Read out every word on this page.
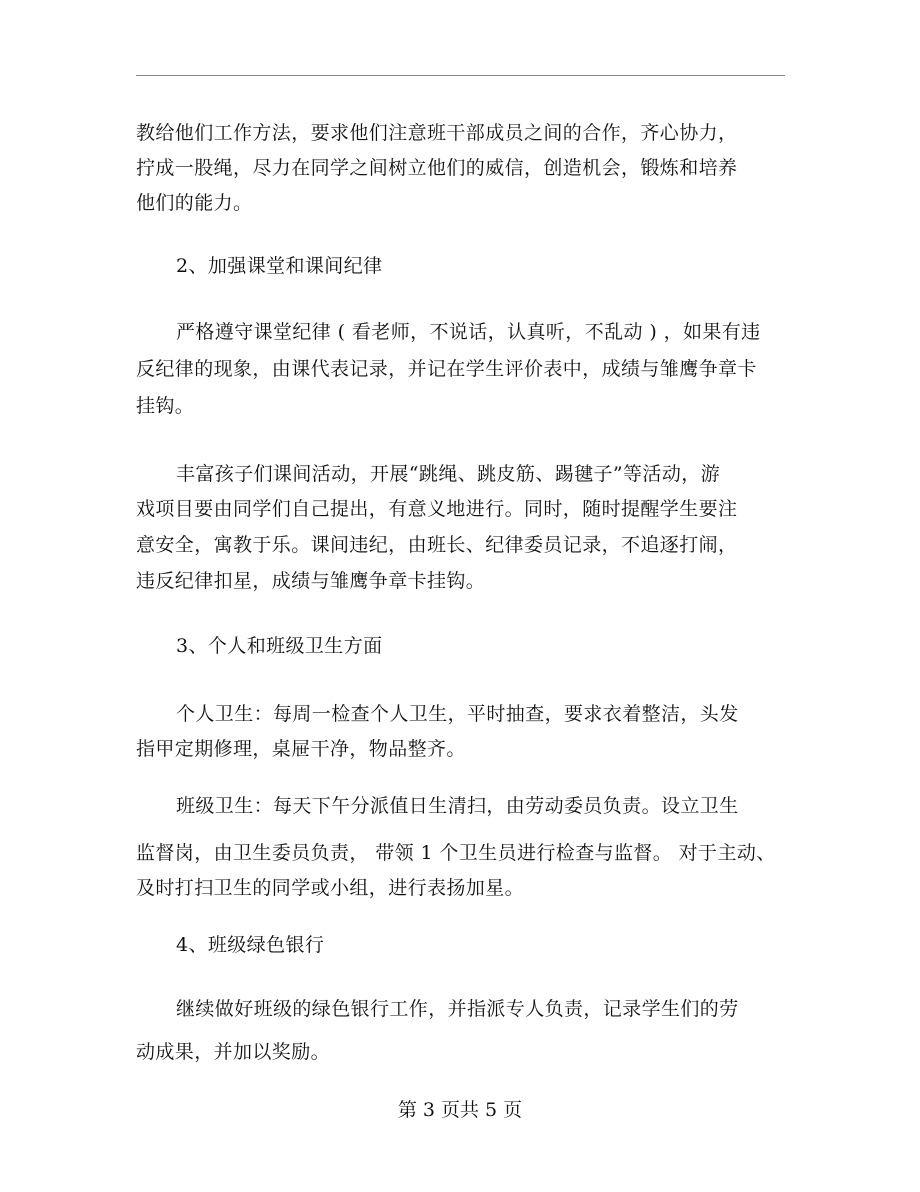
教给他们工作方法，要求他们注意班干部成员之间的合作，齐心协力，
拧成一股绳，尽力在同学之间树立他们的威信，创造机会，锻炼和培养
他们的能力。
2、加强课堂和课间纪律
严格遵守课堂纪律 ( 看老师，不说话，认真听，不乱动 ) ，如果有违
反纪律的现象，由课代表记录，并记在学生评价表中，成绩与雏鹰争章卡
挂钩。
丰富孩子们课间活动，开展“跳绳、跳皮筋、踢毽子”等活动，游
戏项目要由同学们自己提出，有意义地进行。同时，随时提醒学生要注
意安全，寓教于乐。课间违纪，由班长、纪律委员记录，不追逐打闹，
违反纪律扣星，成绩与雏鹰争章卡挂钩。
3、个人和班级卫生方面
个人卫生：每周一检查个人卫生，平时抽查，要求衣着整洁，头发
指甲定期修理，桌屉干净，物品整齐。
班级卫生：每天下午分派值日生清扫，由劳动委员负责。设立卫生
监督岗，由卫生委员负责， 带领 1 个卫生员进行检查与监督。 对于主动、
及时打扫卫生的同学或小组，进行表扬加星。
4、班级绿色银行
继续做好班级的绿色银行工作，并指派专人负责，记录学生们的劳
动成果，并加以奖励。
第 3 页共 5 页
